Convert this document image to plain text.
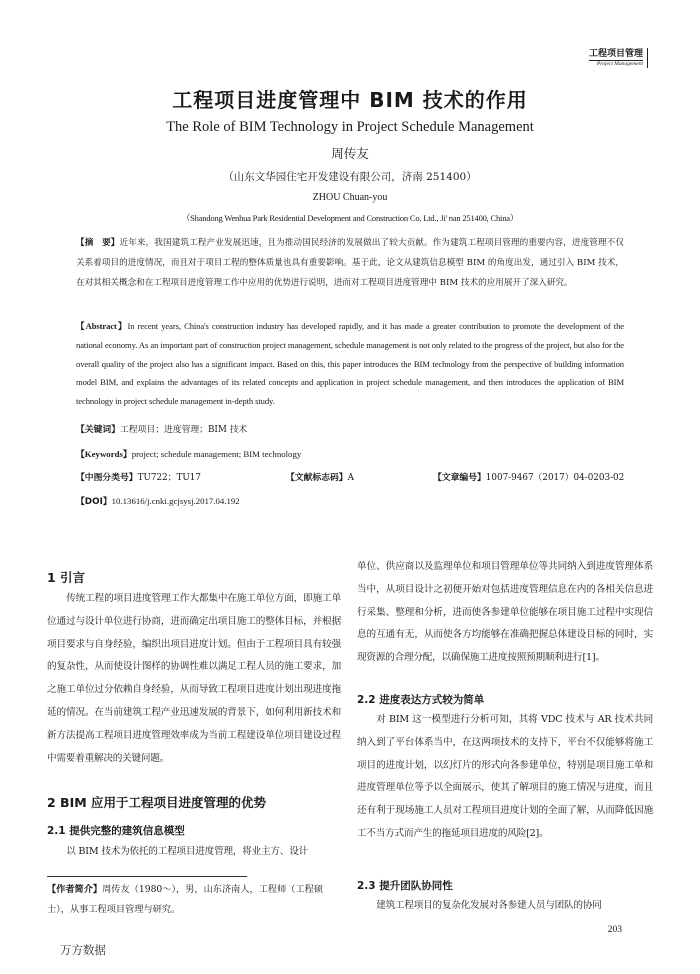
工程项目管理
Project Management
工程项目进度管理中 BIM 技术的作用
The Role of BIM Technology in Project Schedule Management
周传友
（山东文华园住宅开发建设有限公司，济南 251400）
ZHOU Chuan-you
（Shandong Wenhua Park Residential Development and Construction Co. Ltd., Ji' nan 251400, China）
【摘　要】近年来，我国建筑工程产业发展迅速，且为推动国民经济的发展做出了较大贡献。作为建筑工程项目管理的重要内容，进度管理不仅关系着项目的进度情况，而且对于项目工程的整体质量也具有重要影响。基于此，论文从建筑信息模型 BIM 的角度出发，通过引入 BIM 技术，在对其相关概念和在工程项目进度管理工作中应用的优势进行说明，进而对工程项目进度管理中 BIM 技术的应用展开了深入研究。
【Abstract】In recent years, China's construction industry has developed rapidly, and it has made a greater contribution to promote the development of the national economy. As an important part of construction project management, schedule management is not only related to the progress of the project, but also for the overall quality of the project also has a significant impact. Based on this, this paper introduces the BIM technology from the perspective of building information model BIM, and explains the advantages of its related concepts and application in project schedule management, and then introduces the application of BIM technology in project schedule management in-depth study.
【关键词】工程项目；进度管理；BIM 技术
【Keywords】project; schedule management; BIM technology
【中图分类号】TU722；TU17	【文献标志码】A	【文章编号】1007-9467（2017）04-0203-02
【DOI】10.13616/j.cnki.gcjsysj.2017.04.192
1 引言
传统工程的项目进度管理工作大都集中在施工单位方面，即施工单位通过与设计单位进行协商，进而确定出项目施工的整体目标，并根据项目要求与自身经验，编织出项目进度计划。但由于工程项目具有较强的复杂性，从而使设计图样的协调性难以满足工程人员的施工要求，加之施工单位过分依赖自身经验，从而导致工程项目进度计划出现进度拖延的情况。在当前建筑工程产业迅速发展的背景下，如何利用新技术和新方法提高工程项目进度管理效率成为当前工程建设单位项目建设过程中需要着重解决的关键问题。
2 BIM 应用于工程项目进度管理的优势
2.1 提供完整的建筑信息模型
以 BIM 技术为依托的工程项目进度管理，将业主方、设计
【作者简介】周传友（1980～），男，山东济南人，工程师（工程硕士），从事工程项目管理与研究。
单位、供应商以及监理单位和项目管理单位等共同纳入到进度管理体系当中，从项目设计之初便开始对包括进度管理信息在内的各相关信息进行采集、整理和分析，进而使各参建单位能够在项目施工过程中实现信息的互通有无，从而使各方均能够在准确把握总体建设目标的同时，实现资源的合理分配，以确保施工进度按照预期顺利进行[1]。
2.2 进度表达方式较为简单
对 BIM 这一模型进行分析可知，其将 VDC 技术与 AR 技术共同纳入到了平台体系当中，在这两项技术的支持下，平台不仅能够将施工项目的进度计划，以幻灯片的形式向各参建单位，特别是项目施工单和进度管理单位等予以全面展示，使其了解项目的施工情况与进度，而且还有利于现场施工人员对工程项目进度计划的全面了解，从而降低因施工不当方式而产生的拖延项目进度的风险[2]。
2.3 提升团队协同性
建筑工程项目的复杂化发展对各参建人员与团队的协同
203
万方数据
